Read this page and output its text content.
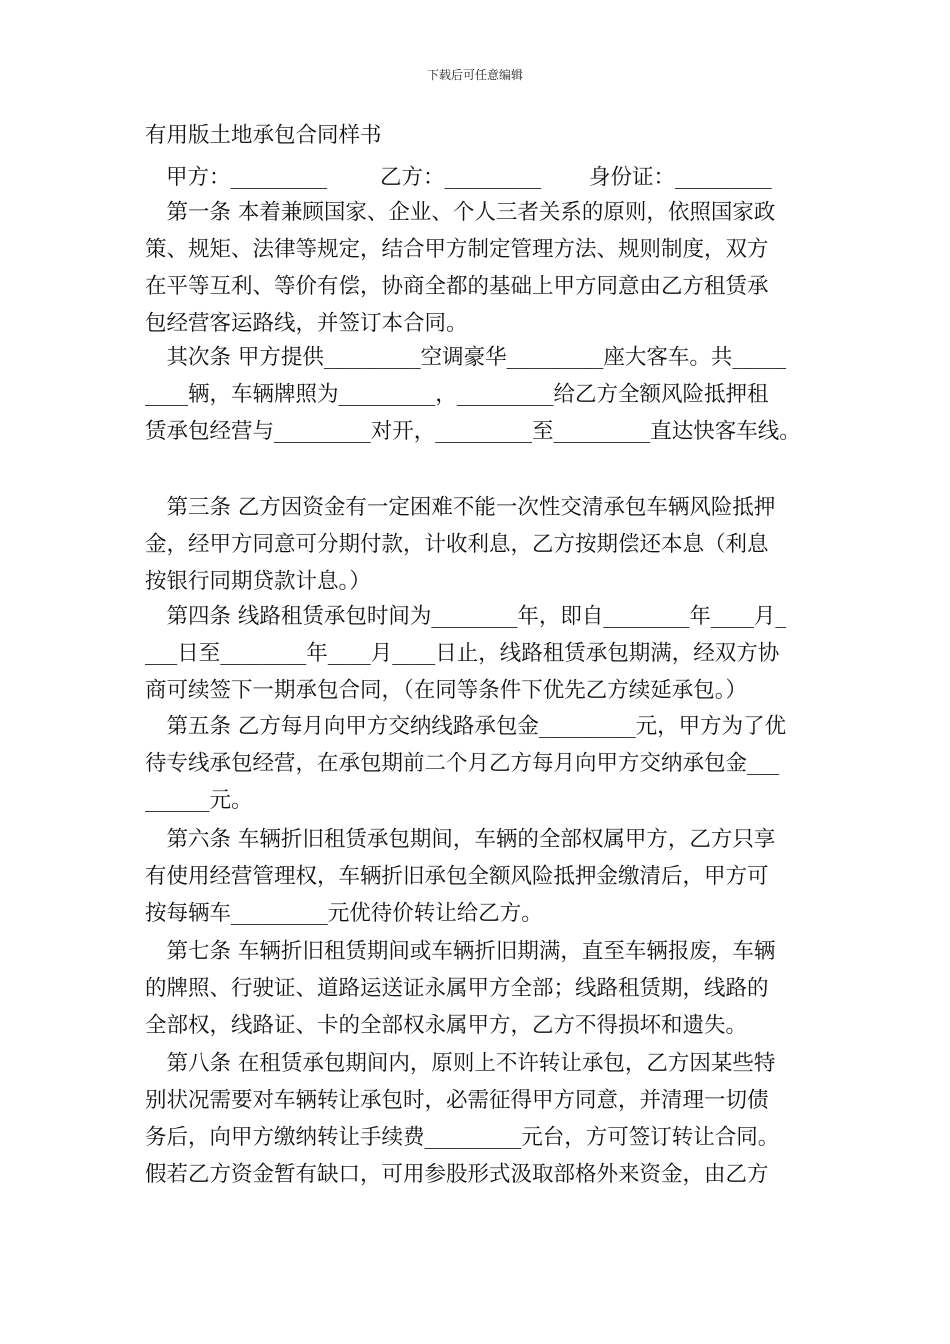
下载后可任意编辑
有用版土地承包合同样书
甲方：_________ 乙方：_________ 身份证：_________
　第一条 本着兼顾国家、企业、个人三者关系的原则，依照国家政
策、规矩、法律等规定，结合甲方制定管理方法、规则制度，双方
在平等互利、等价有偿，协商全都的基础上甲方同意由乙方租赁承
包经营客运路线，并签订本合同。
　其次条 甲方提供_________空调豪华_________座大客车。共_____
____辆，车辆牌照为_________，_________给乙方全额风险抵押租
赁承包经营与_________对开，_________至_________直达快客车线。
　第三条 乙方因资金有一定困难不能一次性交清承包车辆风险抵押
金，经甲方同意可分期付款，计收利息，乙方按期偿还本息（利息
按银行同期贷款计息。）
　第四条 线路租赁承包时间为________年，即自________年____月_
___日至________年____月____日止，线路租赁承包期满，经双方协
商可续签下一期承包合同，（在同等条件下优先乙方续延承包。）
　第五条 乙方每月向甲方交纳线路承包金_________元，甲方为了优
待专线承包经营，在承包期前二个月乙方每月向甲方交纳承包金___
______元。
　第六条 车辆折旧租赁承包期间，车辆的全部权属甲方，乙方只享
有使用经营管理权，车辆折旧承包全额风险抵押金缴清后，甲方可
按每辆车_________元优待价转让给乙方。
　第七条 车辆折旧租赁期间或车辆折旧期满，直至车辆报废，车辆
的牌照、行驶证、道路运送证永属甲方全部；线路租赁期，线路的
全部权，线路证、卡的全部权永属甲方，乙方不得损坏和遗失。
　第八条 在租赁承包期间内，原则上不许转让承包，乙方因某些特
别状况需要对车辆转让承包时，必需征得甲方同意，并清理一切债
务后，向甲方缴纳转让手续费_________元台，方可签订转让合同。
假若乙方资金暂有缺口，可用参股形式汲取部格外来资金，由乙方
